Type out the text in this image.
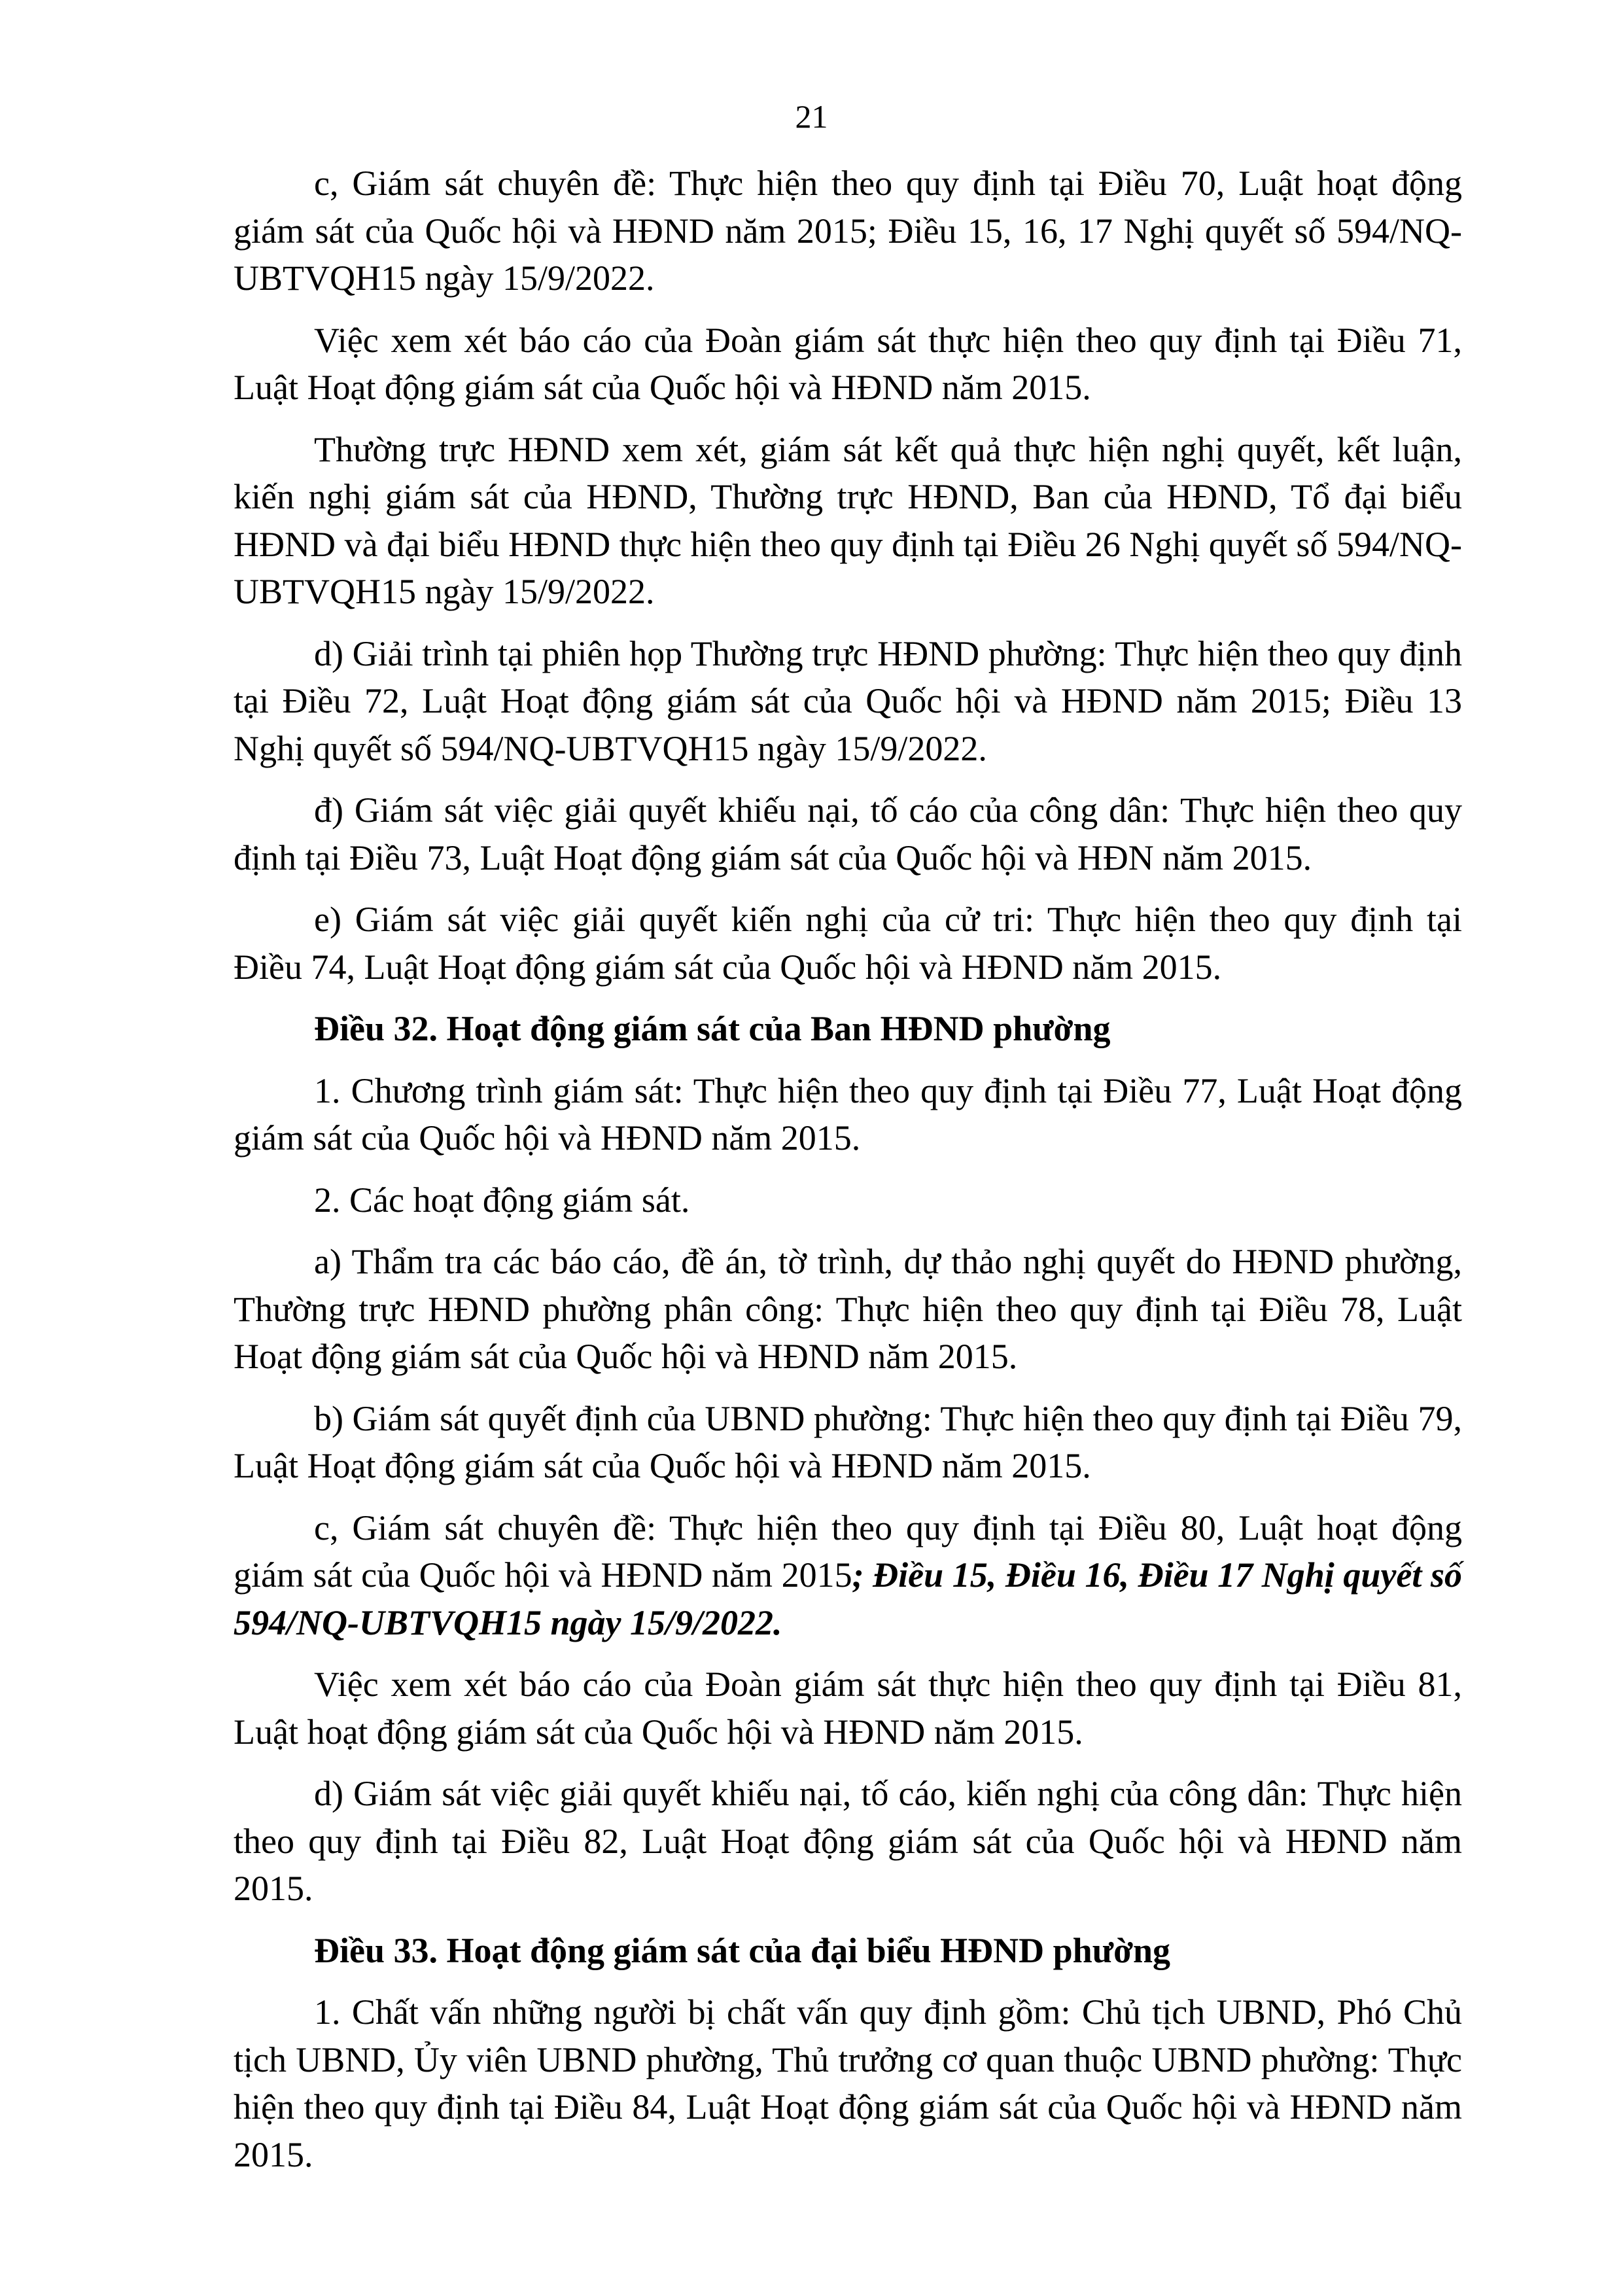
21

c, Giám sát chuyên đề: Thực hiện theo quy định tại Điều 70, Luật hoạt động giám sát của Quốc hội và HĐND năm 2015; Điều 15, 16, 17 Nghị quyết số 594/NQ-UBTVQH15 ngày 15/9/2022.

Việc xem xét báo cáo của Đoàn giám sát thực hiện theo quy định tại Điều 71, Luật Hoạt động giám sát của Quốc hội và HĐND năm 2015.

Thường trực HĐND xem xét, giám sát kết quả thực hiện nghị quyết, kết luận, kiến nghị giám sát của HĐND, Thường trực HĐND, Ban của HĐND, Tổ đại biểu HĐND và đại biểu HĐND thực hiện theo quy định tại Điều 26 Nghị quyết số 594/NQ-UBTVQH15 ngày 15/9/2022.

d) Giải trình tại phiên họp Thường trực HĐND phường: Thực hiện theo quy định tại Điều 72, Luật Hoạt động giám sát của Quốc hội và HĐND năm 2015; Điều 13 Nghị quyết số 594/NQ-UBTVQH15 ngày 15/9/2022.

đ) Giám sát việc giải quyết khiếu nại, tố cáo của công dân: Thực hiện theo quy định tại Điều 73, Luật Hoạt động giám sát của Quốc hội và HĐN năm 2015.

e) Giám sát việc giải quyết kiến nghị của cử tri: Thực hiện theo quy định tại Điều 74, Luật Hoạt động giám sát của Quốc hội và HĐND năm 2015.

Điều 32. Hoạt động giám sát của Ban HĐND phường

1. Chương trình giám sát: Thực hiện theo quy định tại Điều 77, Luật Hoạt động giám sát của Quốc hội và HĐND năm 2015.

2. Các hoạt động giám sát.

a) Thẩm tra các báo cáo, đề án, tờ trình, dự thảo nghị quyết do HĐND phường, Thường trực HĐND phường phân công: Thực hiện theo quy định tại Điều 78, Luật Hoạt động giám sát của Quốc hội và HĐND năm 2015.

b) Giám sát quyết định của UBND phường: Thực hiện theo quy định tại Điều 79, Luật Hoạt động giám sát của Quốc hội và HĐND năm 2015.

c, Giám sát chuyên đề: Thực hiện theo quy định tại Điều 80, Luật hoạt động giám sát của Quốc hội và HĐND năm 2015; Điều 15, Điều 16, Điều 17 Nghị quyết số 594/NQ-UBTVQH15 ngày 15/9/2022.

Việc xem xét báo cáo của Đoàn giám sát thực hiện theo quy định tại Điều 81, Luật hoạt động giám sát của Quốc hội và HĐND năm 2015.

d) Giám sát việc giải quyết khiếu nại, tố cáo, kiến nghị của công dân: Thực hiện theo quy định tại Điều 82, Luật Hoạt động giám sát của Quốc hội và HĐND năm 2015.

Điều 33. Hoạt động giám sát của đại biểu HĐND phường

1. Chất vấn những người bị chất vấn quy định gồm: Chủ tịch UBND, Phó Chủ tịch UBND, Ủy viên UBND phường, Thủ trưởng cơ quan thuộc UBND phường: Thực hiện theo quy định tại Điều 84, Luật Hoạt động giám sát của Quốc hội và HĐND năm 2015.
